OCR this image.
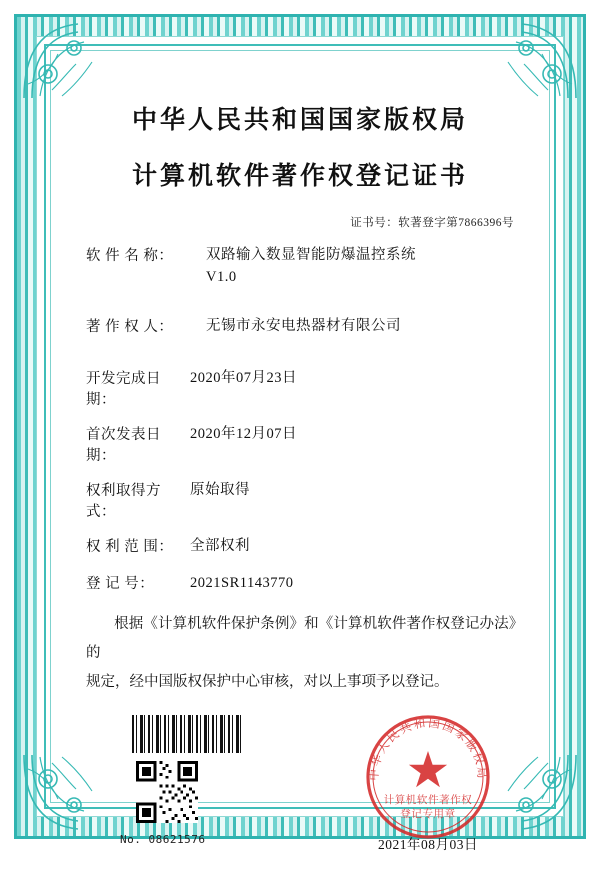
中华人民共和国国家版权局
计算机软件著作权登记证书
证书号：软著登字第7866396号
软 件 名 称：	双路输入数显智能防爆温控系统
V1.0
著 作 权 人：	无锡市永安电热器材有限公司
开发完成日期：
2020年07月23日
首次发表日期：
2020年12月07日
权利取得方式：
原始取得
权 利 范 围：	全部权利
登 记 号：	2021SR1143770
根据《计算机软件保护条例》和《计算机软件著作权登记办法》的
规定，经中国版权保护中心审核，对以上事项予以登记。
No. 08621576
中华人民共和国国家版权局
计算机软件著作权
登记专用章
2021年08月03日
